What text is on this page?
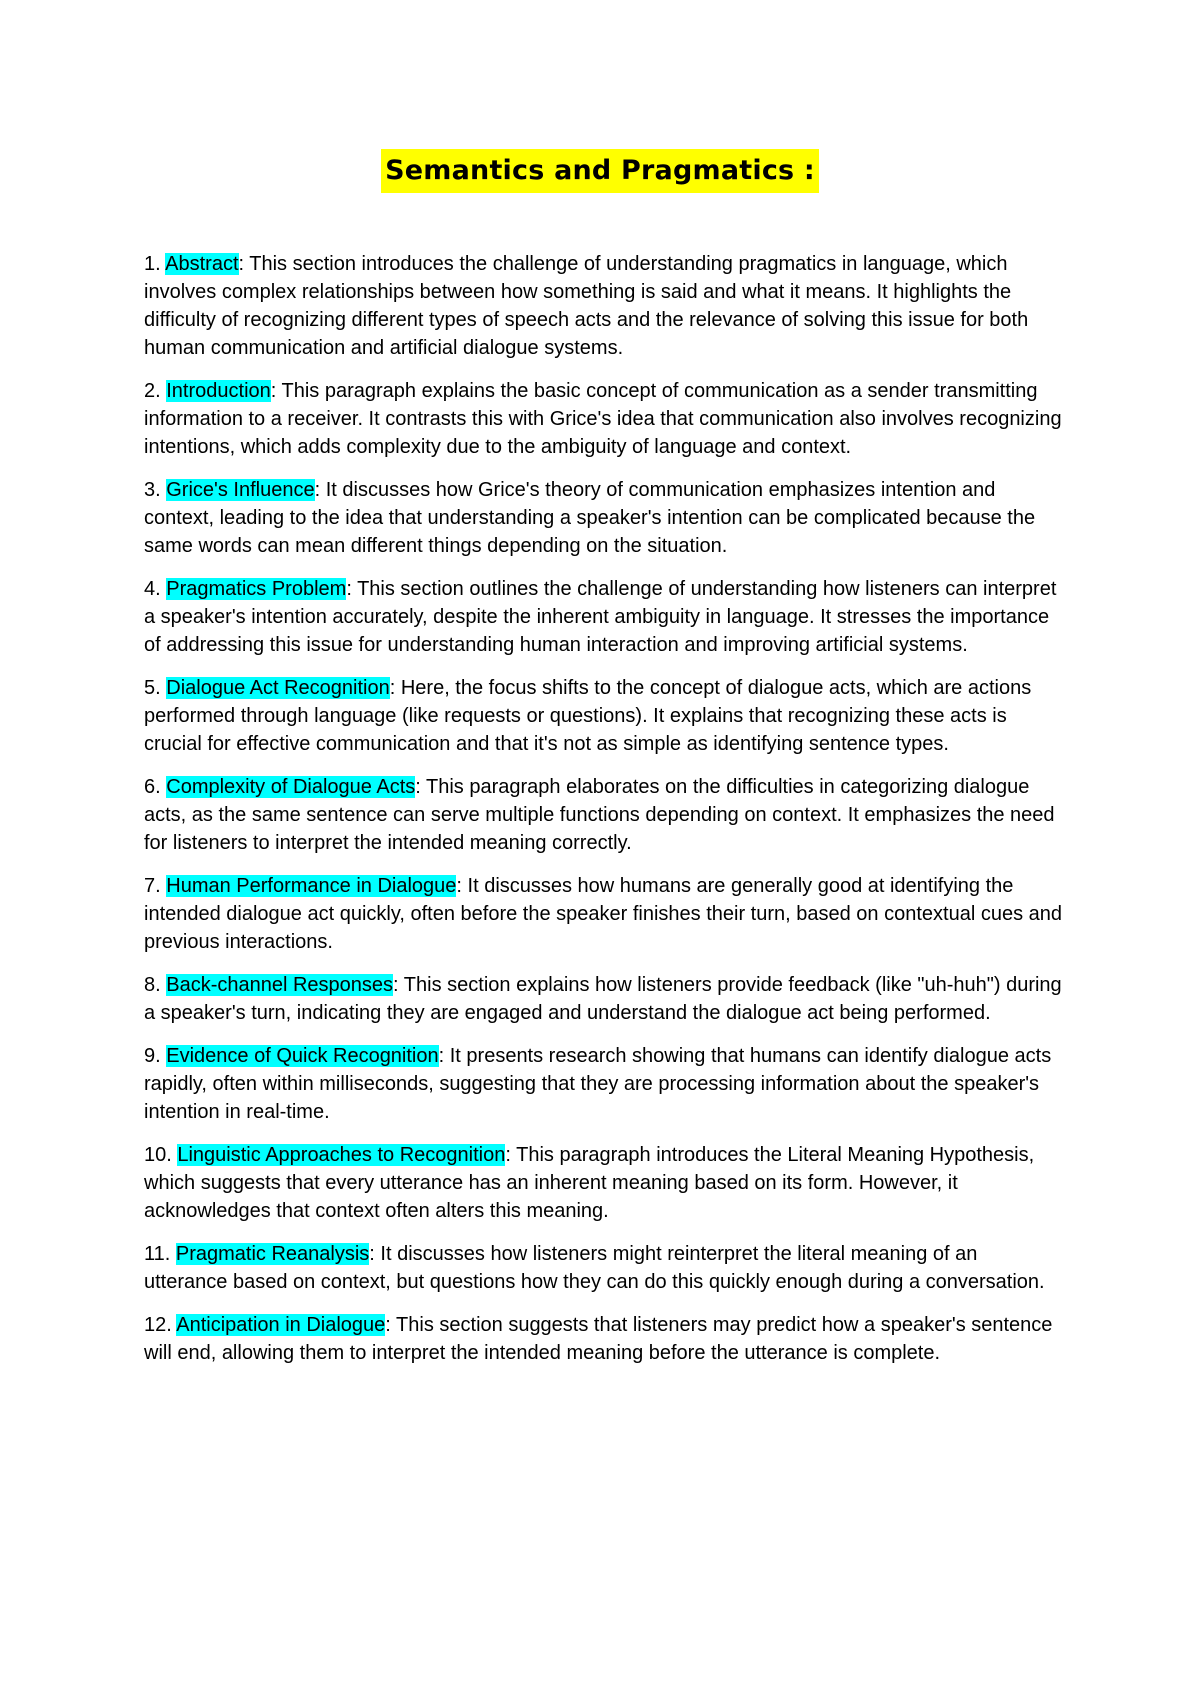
Semantics and Pragmatics :

1. Abstract: This section introduces the challenge of understanding pragmatics in language, which involves complex relationships between how something is said and what it means. It highlights the difficulty of recognizing different types of speech acts and the relevance of solving this issue for both human communication and artificial dialogue systems.

2. Introduction: This paragraph explains the basic concept of communication as a sender transmitting information to a receiver. It contrasts this with Grice's idea that communication also involves recognizing intentions, which adds complexity due to the ambiguity of language and context.

3. Grice's Influence: It discusses how Grice's theory of communication emphasizes intention and context, leading to the idea that understanding a speaker's intention can be complicated because the same words can mean different things depending on the situation.

4. Pragmatics Problem: This section outlines the challenge of understanding how listeners can interpret a speaker's intention accurately, despite the inherent ambiguity in language. It stresses the importance of addressing this issue for understanding human interaction and improving artificial systems.

5. Dialogue Act Recognition: Here, the focus shifts to the concept of dialogue acts, which are actions performed through language (like requests or questions). It explains that recognizing these acts is crucial for effective communication and that it's not as simple as identifying sentence types.

6. Complexity of Dialogue Acts: This paragraph elaborates on the difficulties in categorizing dialogue acts, as the same sentence can serve multiple functions depending on context. It emphasizes the need for listeners to interpret the intended meaning correctly.

7. Human Performance in Dialogue: It discusses how humans are generally good at identifying the intended dialogue act quickly, often before the speaker finishes their turn, based on contextual cues and previous interactions.

8. Back-channel Responses: This section explains how listeners provide feedback (like "uh-huh") during a speaker's turn, indicating they are engaged and understand the dialogue act being performed.

9. Evidence of Quick Recognition: It presents research showing that humans can identify dialogue acts rapidly, often within milliseconds, suggesting that they are processing information about the speaker's intention in real-time.

10. Linguistic Approaches to Recognition: This paragraph introduces the Literal Meaning Hypothesis, which suggests that every utterance has an inherent meaning based on its form. However, it acknowledges that context often alters this meaning.

11. Pragmatic Reanalysis: It discusses how listeners might reinterpret the literal meaning of an utterance based on context, but questions how they can do this quickly enough during a conversation.

12. Anticipation in Dialogue: This section suggests that listeners may predict how a speaker's sentence will end, allowing them to interpret the intended meaning before the utterance is complete.
